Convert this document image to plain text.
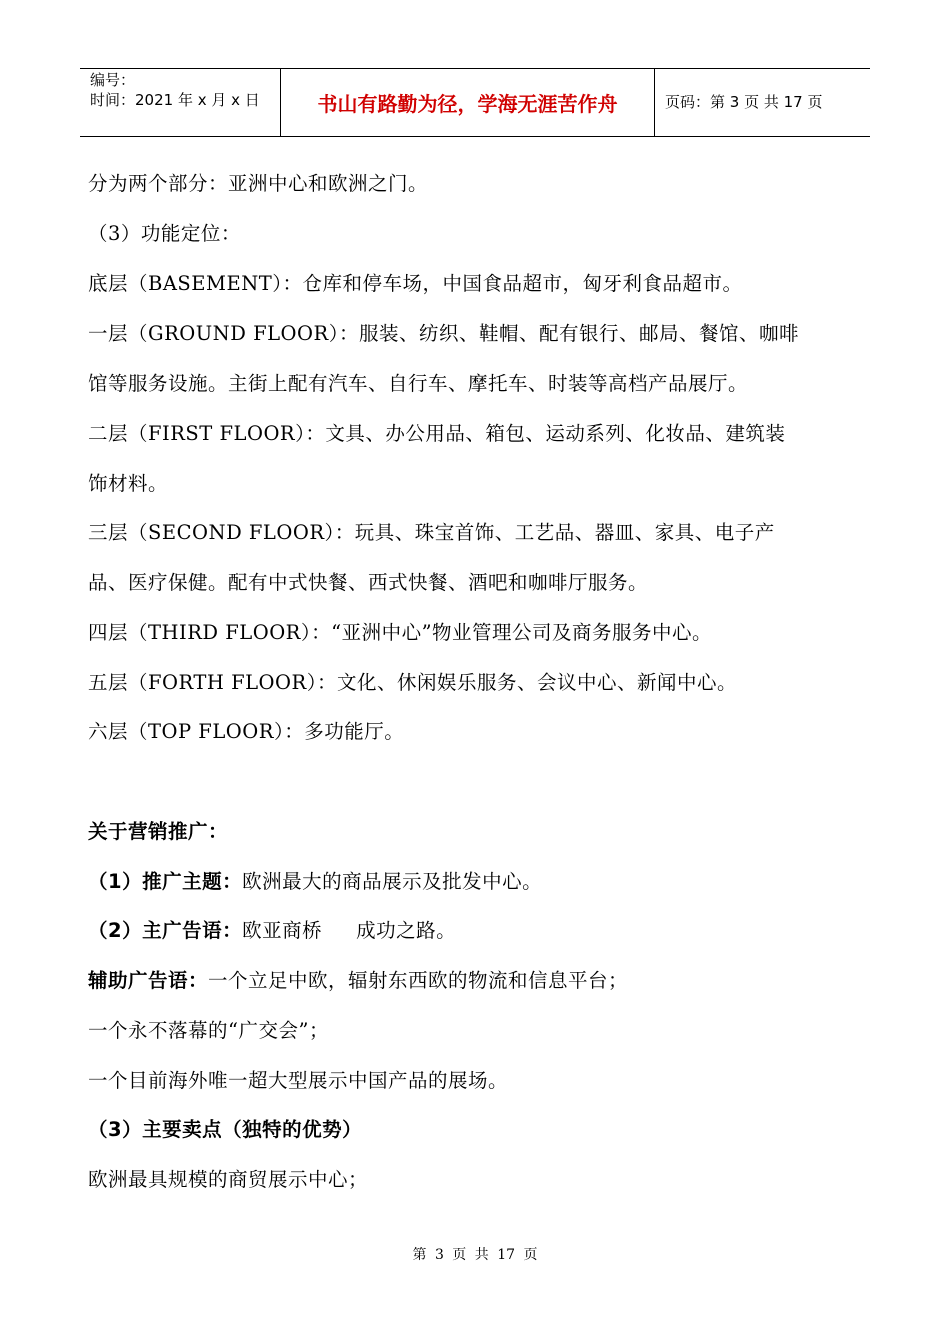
编号：
时间：2021 年 x 月 x 日	书山有路勤为径，学海无涯苦作舟	页码：第 3 页 共 17 页
分为两个部分：亚洲中心和欧洲之门。
（3）功能定位：
底层（BASEMENT）：仓库和停车场，中国食品超市，匈牙利食品超市。
一层（GROUND FLOOR）：服装、纺织、鞋帽、配有银行、邮局、餐馆、咖啡
馆等服务设施。主街上配有汽车、自行车、摩托车、时装等高档产品展厅。
二层（FIRST FLOOR）：文具、办公用品、箱包、运动系列、化妆品、建筑装
饰材料。
三层（SECOND FLOOR）：玩具、珠宝首饰、工艺品、器皿、家具、电子产
品、医疗保健。配有中式快餐、西式快餐、酒吧和咖啡厅服务。
四层（THIRD FLOOR）：“亚洲中心”物业管理公司及商务服务中心。
五层（FORTH FLOOR）：文化、休闲娱乐服务、会议中心、新闻中心。
六层（TOP FLOOR）：多功能厅。
关于营销推广：
（1）推广主题：欧洲最大的商品展示及批发中心。
（2）主广告语：欧亚商桥 成功之路。
辅助广告语：一个立足中欧，辐射东西欧的物流和信息平台；
一个永不落幕的“广交会”；
一个目前海外唯一超大型展示中国产品的展场。
（3）主要卖点（独特的优势）
欧洲最具规模的商贸展示中心；
第 3 页 共 17 页
